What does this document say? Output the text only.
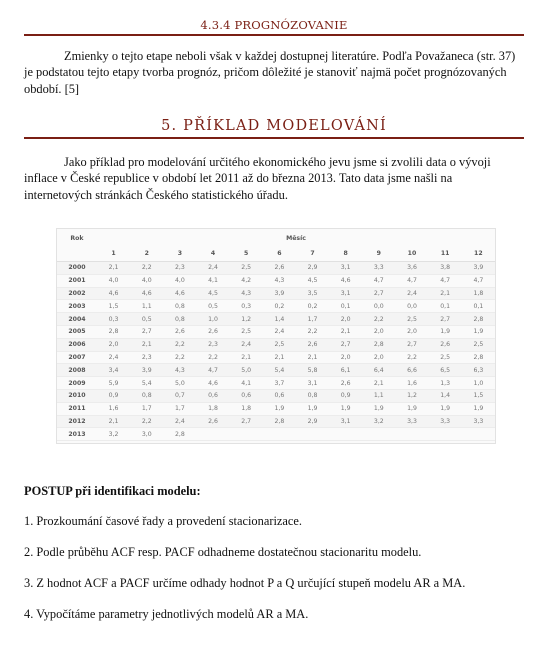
4.3.4 PROGNÓZOVANIE

Zmienky o tejto etape neboli však v každej dostupnej literatúre. Podľa Považaneca (str. 37) je podstatou tejto etapy tvorba prognóz, pričom dôležité je stanoviť najmä počet prognózovaných období. [5]

5. PŘÍKLAD MODELOVÁNÍ

Jako příklad pro modelování určitého ekonomického jevu jsme si zvolili data o vývoji inflace v České republice v období let 2011 až do března 2013. Tato data jsme našli na internetových stránkách Českého statistického úřadu.

Rok	Měsíc											
	1	2	3	4	5	6	7	8	9	10	11	12
2000	2,1	2,2	2,3	2,4	2,5	2,6	2,9	3,1	3,3	3,6	3,8	3,9
2001	4,0	4,0	4,0	4,1	4,2	4,3	4,5	4,6	4,7	4,7	4,7	4,7
2002	4,6	4,6	4,6	4,5	4,3	3,9	3,5	3,1	2,7	2,4	2,1	1,8
2003	1,5	1,1	0,8	0,5	0,3	0,2	0,2	0,1	0,0	0,0	0,1	0,1
2004	0,3	0,5	0,8	1,0	1,2	1,4	1,7	2,0	2,2	2,5	2,7	2,8
2005	2,8	2,7	2,6	2,6	2,5	2,4	2,2	2,1	2,0	2,0	1,9	1,9
2006	2,0	2,1	2,2	2,3	2,4	2,5	2,6	2,7	2,8	2,7	2,6	2,5
2007	2,4	2,3	2,2	2,2	2,1	2,1	2,1	2,0	2,0	2,2	2,5	2,8
2008	3,4	3,9	4,3	4,7	5,0	5,4	5,8	6,1	6,4	6,6	6,5	6,3
2009	5,9	5,4	5,0	4,6	4,1	3,7	3,1	2,6	2,1	1,6	1,3	1,0
2010	0,9	0,8	0,7	0,6	0,6	0,6	0,8	0,9	1,1	1,2	1,4	1,5
2011	1,6	1,7	1,7	1,8	1,8	1,9	1,9	1,9	1,9	1,9	1,9	1,9
2012	2,1	2,2	2,4	2,6	2,7	2,8	2,9	3,1	3,2	3,3	3,3	3,3
2013	3,2	3,0	2,8									

POSTUP při identifikaci modelu:

1. Prozkoumání časové řady a provedení stacionarizace.

2. Podle průběhu ACF resp. PACF odhadneme dostatečnou stacionaritu modelu.

3. Z hodnot ACF a PACF určíme odhady hodnot P a Q určující stupeň modelu AR a MA.

4. Vypočítáme parametry jednotlivých modelů AR a MA.
